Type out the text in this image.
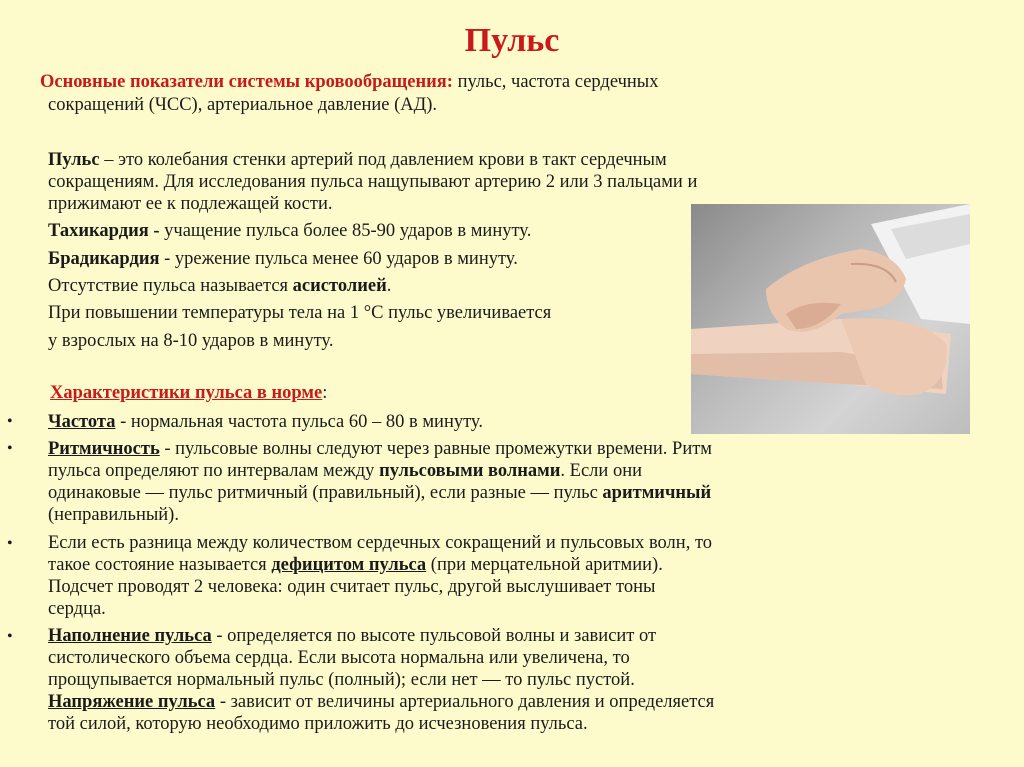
Пульс

Основные показатели системы кровообращения: пульс, частота сердечных

сокращений (ЧСС), артериальное давление (АД).

Пульс – это колебания стенки артерий под давлением крови в такт сердечным

сокращениям. Для исследования пульса нащупывают артерию 2 или 3 пальцами и

прижимают ее к подлежащей кости.

Тахикардия - учащение пульса более 85-90 ударов в минуту.

Брадикардия - урежение пульса менее 60 ударов в минуту.

Отсутствие пульса называется асистолией.

При повышении температуры тела на 1 °С пульс увеличивается

у взрослых на 8-10 ударов в минуту.

Характеристики пульса в норме:

• Частота - нормальная частота пульса 60 – 80 в минуту.

• Ритмичность - пульсовые волны следуют через равные промежутки времени. Ритм

пульса определяют по интервалам между пульсовыми волнами. Если они

одинаковые — пульс ритмичный (правильный), если разные — пульс аритмичный

(неправильный).

• Если есть разница между количеством сердечных сокращений и пульсовых волн, то

такое состояние называется дефицитом пульса (при мерцательной аритмии).

Подсчет проводят 2 человека: один считает пульс, другой выслушивает тоны

сердца.

• Наполнение пульса - определяется по высоте пульсовой волны и зависит от

систолического объема сердца. Если высота нормальна или увеличена, то

прощупывается нормальный пульс (полный); если нет — то пульс пустой.

Напряжение пульса - зависит от величины артериального давления и определяется

той силой, которую необходимо приложить до исчезновения пульса.
